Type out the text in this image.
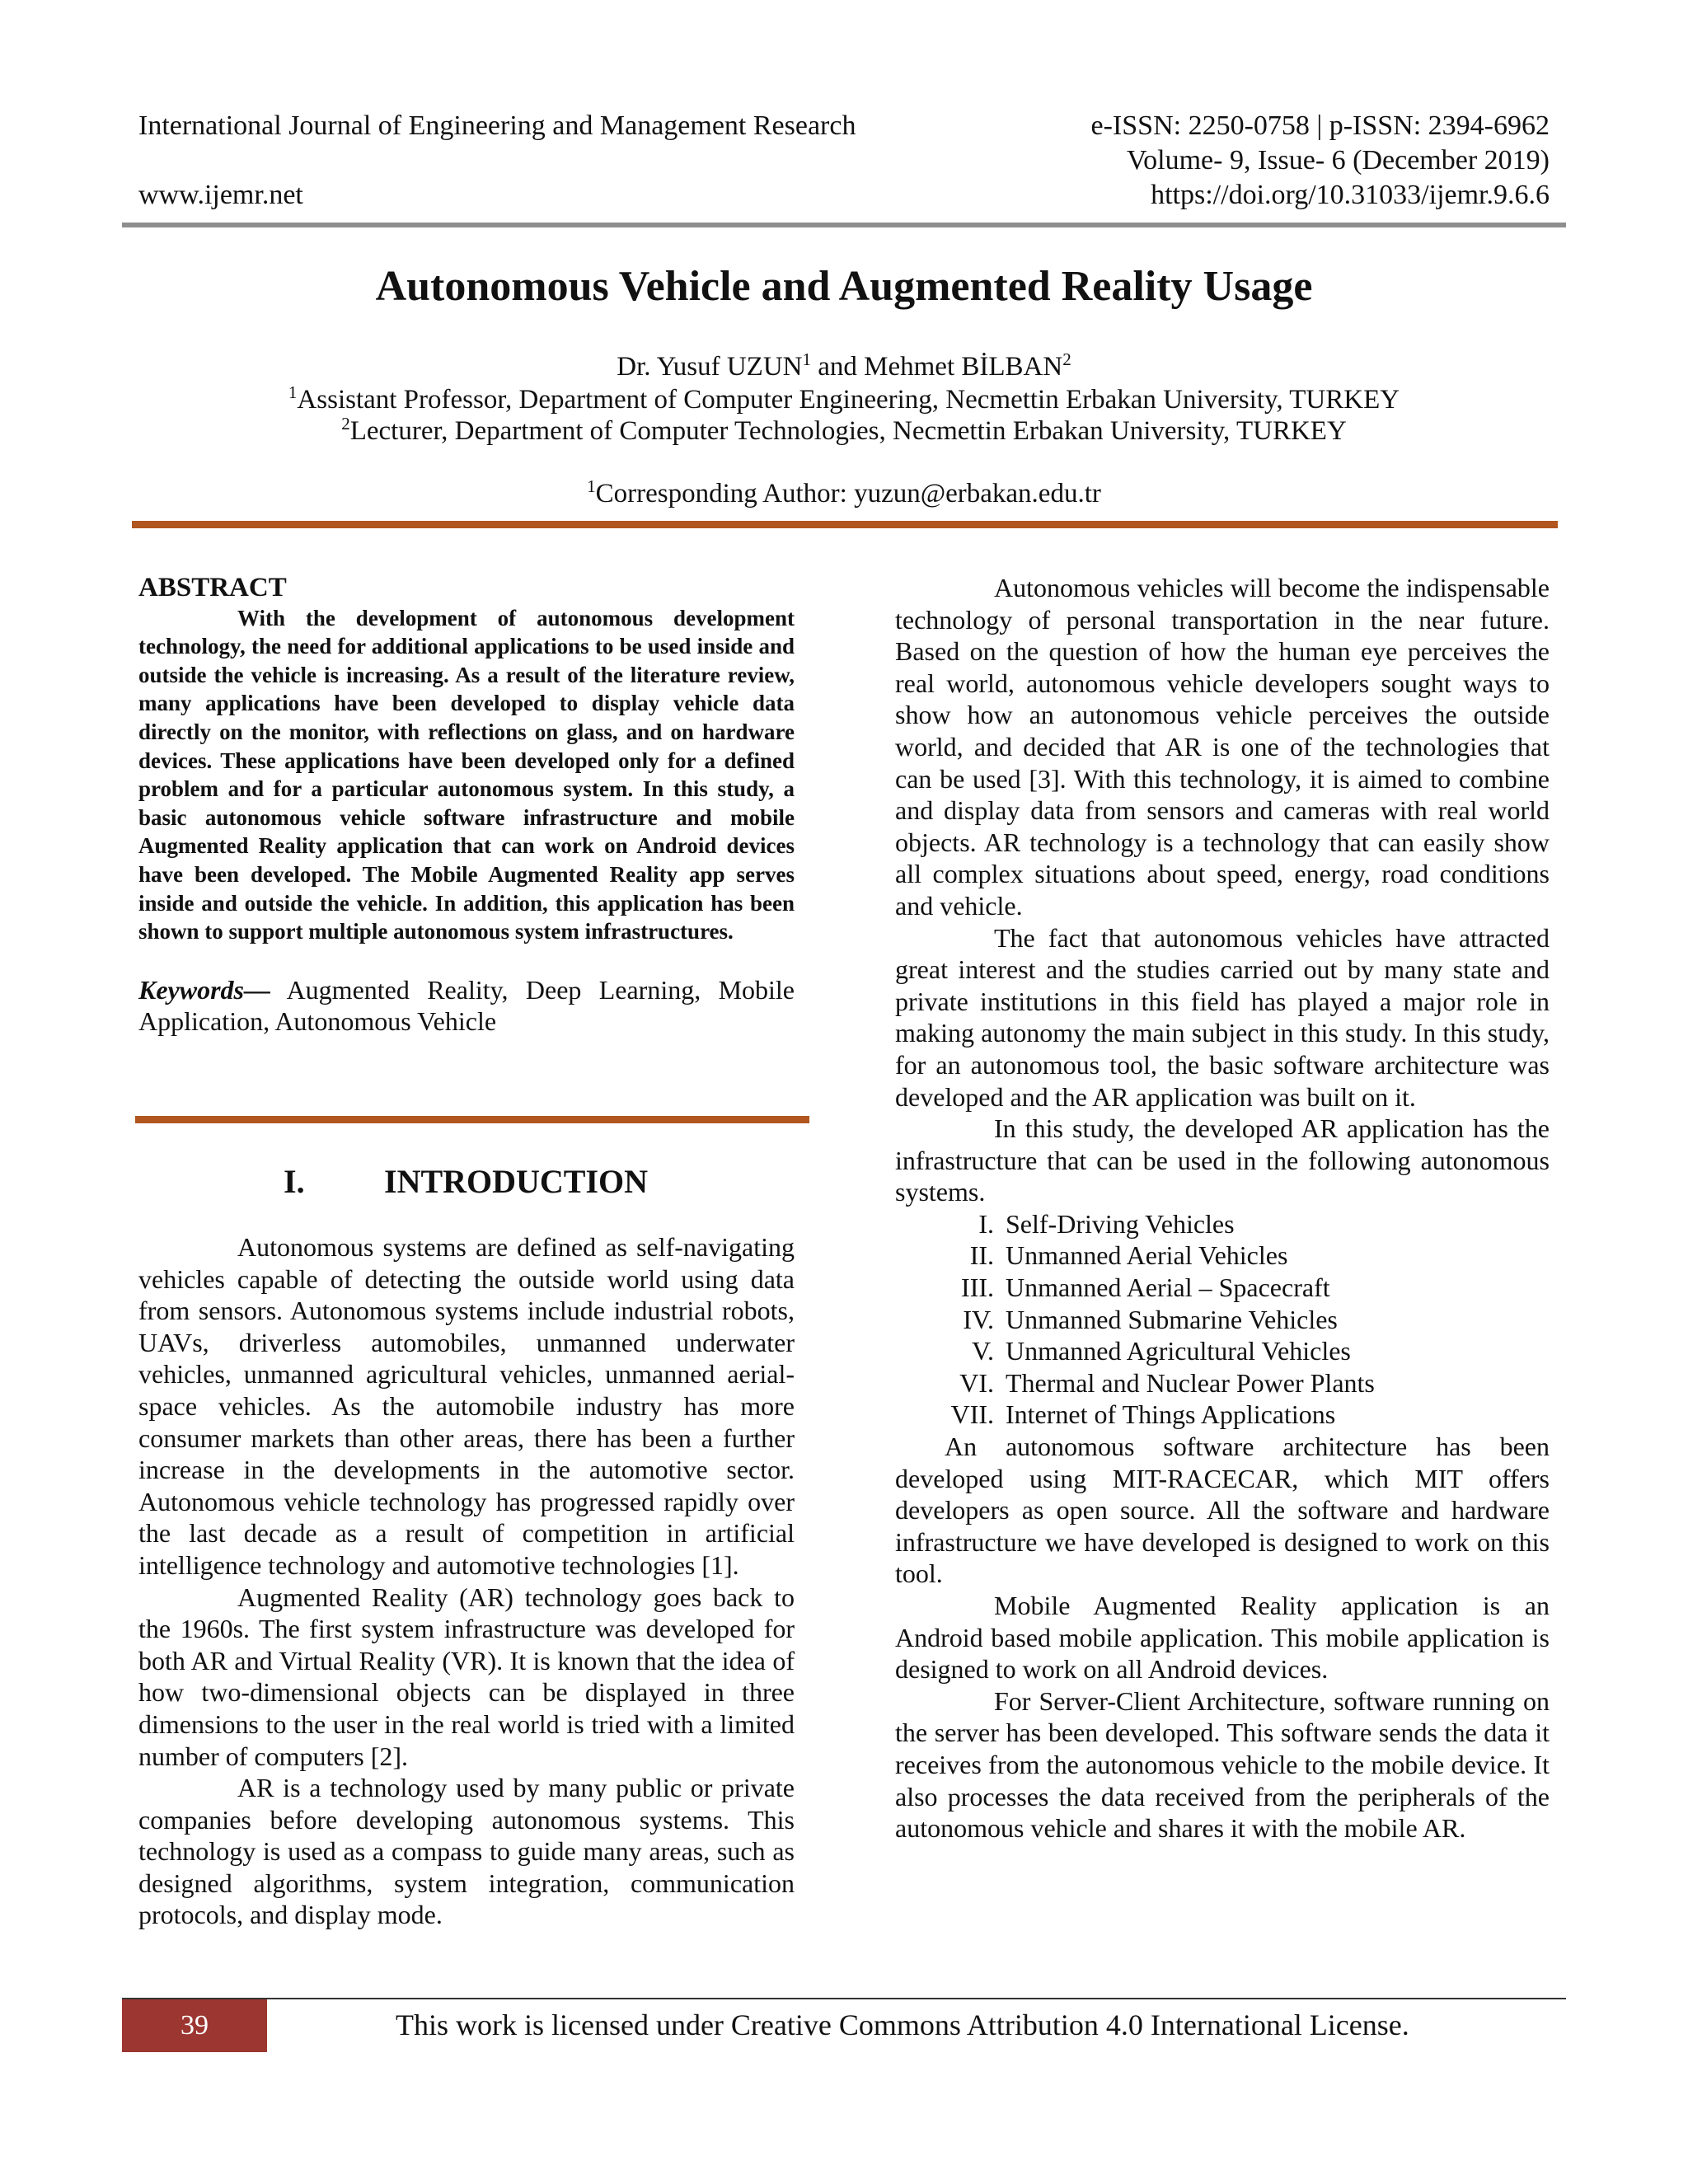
International Journal of Engineering and Management Research	e-ISSN: 2250-0758 | p-ISSN: 2394-6962
Volume- 9, Issue- 6 (December 2019)
www.ijemr.net	https://doi.org/10.31033/ijemr.9.6.6
Autonomous Vehicle and Augmented Reality Usage
Dr. Yusuf UZUN$^1$ and Mehmet BİLBAN$^2$
$^1$Assistant Professor, Department of Computer Engineering, Necmettin Erbakan University, TURKEY
$^2$Lecturer, Department of Computer Technologies, Necmettin Erbakan University, TURKEY
$^1$Corresponding Author: yuzun@erbakan.edu.tr

ABSTRACT

With the development of autonomous development technology, the need for additional applications to be used inside and outside the vehicle is increasing. As a result of the literature review, many applications have been developed to display vehicle data directly on the monitor, with reflections on glass, and on hardware devices. These applications have been developed only for a defined problem and for a particular autonomous system. In this study, a basic autonomous vehicle software infrastructure and mobile Augmented Reality application that can work on Android devices have been developed. The Mobile Augmented Reality app serves inside and outside the vehicle. In addition, this application has been shown to support multiple autonomous system infrastructures.

Keywords— Augmented Reality, Deep Learning, Mobile Application, Autonomous Vehicle

I. INTRODUCTION

Autonomous systems are defined as self-navigating vehicles capable of detecting the outside world using data from sensors. Autonomous systems include industrial robots, UAVs, driverless automobiles, unmanned underwater vehicles, unmanned agricultural vehicles, unmanned aerial-space vehicles. As the automobile industry has more consumer markets than other areas, there has been a further increase in the developments in the automotive sector. Autonomous vehicle technology has progressed rapidly over the last decade as a result of competition in artificial intelligence technology and automotive technologies [1].

Augmented Reality (AR) technology goes back to the 1960s. The first system infrastructure was developed for both AR and Virtual Reality (VR). It is known that the idea of how two-dimensional objects can be displayed in three dimensions to the user in the real world is tried with a limited number of computers [2].

AR is a technology used by many public or private companies before developing autonomous systems. This technology is used as a compass to guide many areas, such as designed algorithms, system integration, communication protocols, and display mode.

Autonomous vehicles will become the indispensable technology of personal transportation in the near future. Based on the question of how the human eye perceives the real world, autonomous vehicle developers sought ways to show how an autonomous vehicle perceives the outside world, and decided that AR is one of the technologies that can be used [3]. With this technology, it is aimed to combine and display data from sensors and cameras with real world objects. AR technology is a technology that can easily show all complex situations about speed, energy, road conditions and vehicle.

The fact that autonomous vehicles have attracted great interest and the studies carried out by many state and private institutions in this field has played a major role in making autonomy the main subject in this study. In this study, for an autonomous tool, the basic software architecture was developed and the AR application was built on it.

In this study, the developed AR application has the infrastructure that can be used in the following autonomous systems.

I. Self-Driving Vehicles
II. Unmanned Aerial Vehicles
III. Unmanned Aerial – Spacecraft
IV. Unmanned Submarine Vehicles
V. Unmanned Agricultural Vehicles
VI. Thermal and Nuclear Power Plants
VII. Internet of Things Applications

An autonomous software architecture has been developed using MIT-RACECAR, which MIT offers developers as open source. All the software and hardware infrastructure we have developed is designed to work on this tool.

Mobile Augmented Reality application is an Android based mobile application. This mobile application is designed to work on all Android devices.

For Server-Client Architecture, software running on the server has been developed. This software sends the data it receives from the autonomous vehicle to the mobile device. It also processes the data received from the peripherals of the autonomous vehicle and shares it with the mobile AR.

39	This work is licensed under Creative Commons Attribution 4.0 International License.
